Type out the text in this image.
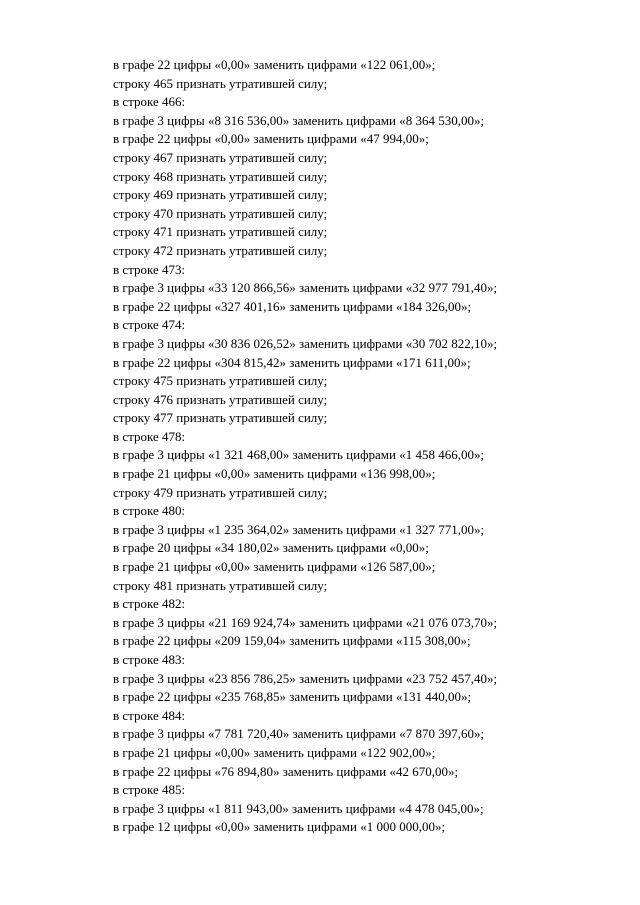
в графе 22 цифры «0,00» заменить цифрами «122 061,00»;
строку 465 признать утратившей силу;
в строке 466:
в графе 3 цифры «8 316 536,00» заменить цифрами «8 364 530,00»;
в графе 22 цифры «0,00» заменить цифрами «47 994,00»;
строку 467 признать утратившей силу;
строку 468 признать утратившей силу;
строку 469 признать утратившей силу;
строку 470 признать утратившей силу;
строку 471 признать утратившей силу;
строку 472 признать утратившей силу;
в строке 473:
в графе 3 цифры «33 120 866,56» заменить цифрами «32 977 791,40»;
в графе 22 цифры «327 401,16» заменить цифрами «184 326,00»;
в строке 474:
в графе 3 цифры «30 836 026,52» заменить цифрами «30 702 822,10»;
в графе 22 цифры «304 815,42» заменить цифрами «171 611,00»;
строку 475 признать утратившей силу;
строку 476 признать утратившей силу;
строку 477 признать утратившей силу;
в строке 478:
в графе 3 цифры «1 321 468,00» заменить цифрами «1 458 466,00»;
в графе 21 цифры «0,00» заменить цифрами «136 998,00»;
строку 479 признать утратившей силу;
в строке 480:
в графе 3 цифры «1 235 364,02» заменить цифрами «1 327 771,00»;
в графе 20 цифры «34 180,02» заменить цифрами «0,00»;
в графе 21 цифры «0,00» заменить цифрами «126 587,00»;
строку 481 признать утратившей силу;
в строке 482:
в графе 3 цифры «21 169 924,74» заменить цифрами «21 076 073,70»;
в графе 22 цифры «209 159,04» заменить цифрами «115 308,00»;
в строке 483:
в графе 3 цифры «23 856 786,25» заменить цифрами «23 752 457,40»;
в графе 22 цифры «235 768,85» заменить цифрами «131 440,00»;
в строке 484:
в графе 3 цифры «7 781 720,40» заменить цифрами «7 870 397,60»;
в графе 21 цифры «0,00» заменить цифрами «122 902,00»;
в графе 22 цифры «76 894,80» заменить цифрами «42 670,00»;
в строке 485:
в графе 3 цифры «1 811 943,00» заменить цифрами «4 478 045,00»;
в графе 12 цифры «0,00» заменить цифрами «1 000 000,00»;
